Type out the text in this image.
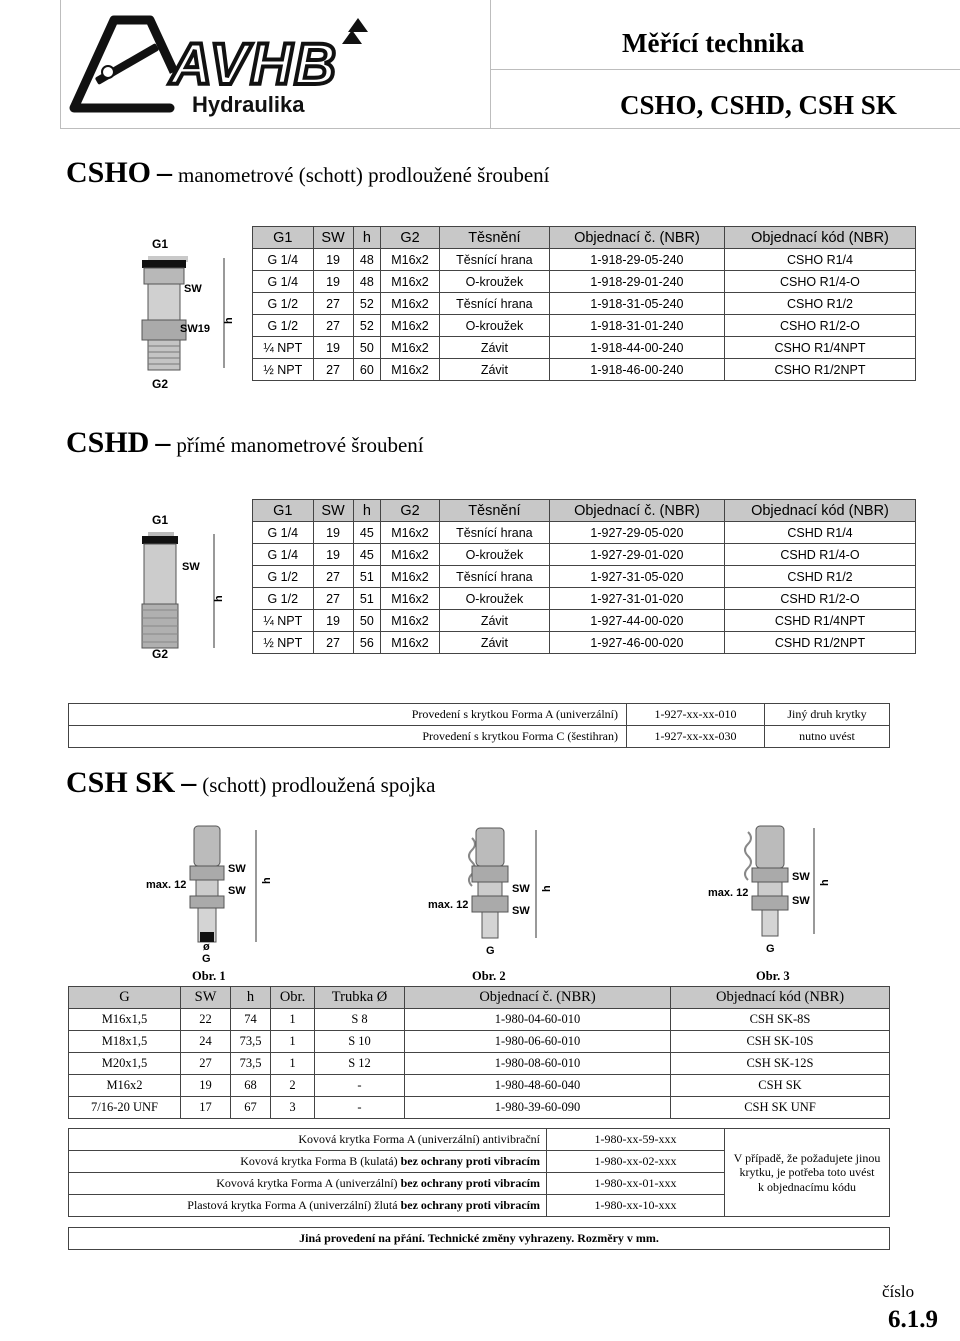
AVHB
Hydraulika
Měřící technika
CSHO, CSHD, CSH SK
CSHO – manometrové (schott) prodloužené šroubení
G1
SW
SW19
h
G2
G1	SW	h	G2	Těsnění	Objednací č. (NBR)	Objednací kód (NBR)
G 1/4	19	48	M16x2	Těsnící hrana	1-918-29-05-240	CSHO R1/4
G 1/4	19	48	M16x2	O-kroužek	1-918-29-01-240	CSHO R1/4-O
G 1/2	27	52	M16x2	Těsnící hrana	1-918-31-05-240	CSHO R1/2
G 1/2	27	52	M16x2	O-kroužek	1-918-31-01-240	CSHO R1/2-O
¼ NPT	19	50	M16x2	Závit	1-918-44-00-240	CSHO R1/4NPT
½ NPT	27	60	M16x2	Závit	1-918-46-00-240	CSHO R1/2NPT
CSHD – přímé manometrové šroubení
G1
SW
h
G2
G1	SW	h	G2	Těsnění	Objednací č. (NBR)	Objednací kód (NBR)
G 1/4	19	45	M16x2	Těsnící hrana	1-927-29-05-020	CSHD R1/4
G 1/4	19	45	M16x2	O-kroužek	1-927-29-01-020	CSHD R1/4-O
G 1/2	27	51	M16x2	Těsnící hrana	1-927-31-05-020	CSHD R1/2
G 1/2	27	51	M16x2	O-kroužek	1-927-31-01-020	CSHD R1/2-O
¼ NPT	19	50	M16x2	Závit	1-927-44-00-020	CSHD R1/4NPT
½ NPT	27	56	M16x2	Závit	1-927-46-00-020	CSHD R1/2NPT
Provedení s krytkou Forma A (univerzální)	1-927-xx-xx-010	Jiný druh krytky
Provedení s krytkou Forma C (šestihran)	1-927-xx-xx-030	nutno uvést
CSH SK – (schott) prodloužená spojka
max. 12
SW
SW
h
ø
G
Obr. 1
max. 12
SW
SW
h
G
Obr. 2
max. 12
SW
SW
h
G
Obr. 3
G	SW	h	Obr.	Trubka Ø	Objednací č. (NBR)	Objednací kód (NBR)
M16x1,5	22	74	1	S 8	1-980-04-60-010	CSH SK-8S
M18x1,5	24	73,5	1	S 10	1-980-06-60-010	CSH SK-10S
M20x1,5	27	73,5	1	S 12	1-980-08-60-010	CSH SK-12S
M16x2	19	68	2	-	1-980-48-60-040	CSH SK
7/16-20 UNF	17	67	3	-	1-980-39-60-090	CSH SK UNF
Kovová krytka Forma A (univerzální) antivibrační	1-980-xx-59-xxx	V případě, že požadujete jinou
krytku, je potřeba toto uvést
k objednacímu kódu

Kovová krytka Forma B (kulatá) bez ochrany proti vibracím	1-980-xx-02-xxx	
Kovová krytka Forma A (univerzální) bez ochrany proti vibracím	1-980-xx-01-xxx	
Plastová krytka Forma A (univerzální) žlutá bez ochrany proti vibracím	1-980-xx-10-xxx	
Jiná provedení na přání. Technické změny vyhrazeny. Rozměry v mm.
číslo
6.1.9
